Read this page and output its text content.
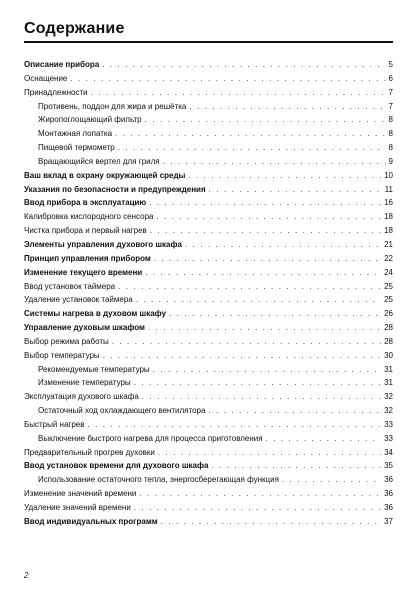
Содержание
Описание прибора . . .	5
Оснащение . . .	6
Принадлежности . . .	7
Противень, поддон для жира и решётка . . .	7
Жиропоглощающий фильтр . . .	8
Монтажная лопатка . . .	8
Пищевой термометр . . .	8
Вращающийся вертел для гриля . . .	9
Ваш вклад в охрану окружающей среды . . .	10
Указания по безопасности и предупреждения . . .	11
Ввод прибора в эксплуатацию . . .	16
Калибровка кислородного сенсора . . .	18
Чистка прибора и первый нагрев . . .	18
Элементы управления духового шкафа . . .	21
Принцип управления прибором . . .	22
Изменение текущего времени . . .	24
Ввод установок таймера . . .	25
Удаление установок таймера . . .	25
Системы нагрева в духовом шкафу . . .	26
Управление духовым шкафом . . .	28
Выбор режима работы . . .	28
Выбор температуры . . .	30
Рекомендуемые температуры . . .	31
Изменение температуры . . .	31
Эксплуатация духового шкафа . . .	32
Остаточный ход охлаждающего вентилятора . . .	32
Быстрый нагрев . . .	33
Выключение быстрого нагрева для процесса приготовления . . .	33
Предварительный прогрев духовки . . .	34
Ввод установок времени для духового шкафа . . .	35
Использование остаточного тепла, энергосберегающая функция . . .	36
Изменение значений времени . . .	36
Удаление значений времени . . .	36
Ввод индивидуальных программ . . .	37
2
